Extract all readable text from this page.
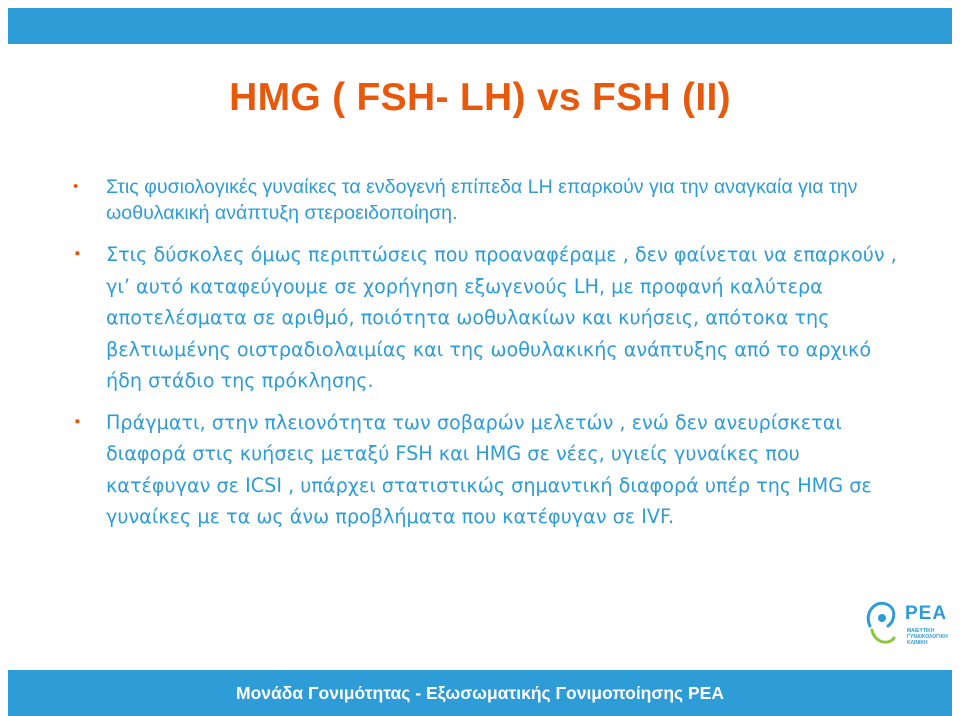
HMG ( FSH- LH) vs FSH (II)
• Στις φυσιολογικές γυναίκες τα ενδογενή επίπεδα LH επαρκούν για την αναγκαία για την ωοθυλακική ανάπτυξη στεροειδοποίηση.
• Στις δύσκολες όμως περιπτώσεις που προαναφέραμε , δεν φαίνεται να επαρκούν , γι’ αυτό καταφεύγουμε σε χορήγηση εξωγενούς LH, με προφανή καλύτερα αποτελέσματα σε αριθμό, ποιότητα ωοθυλακίων και κυήσεις, απότοκα της βελτιωμένης οιστραδιολαιμίας και της ωοθυλακικής ανάπτυξης από το αρχικό ήδη στάδιο της πρόκλησης.
• Πράγματι, στην πλειονότητα των σοβαρών μελετών , ενώ δεν ανευρίσκεται διαφορά στις κυήσεις μεταξύ FSH και HMG σε νέες, υγιείς γυναίκες που κατέφυγαν σε ICSI , υπάρχει στατιστικώς σημαντική διαφορά υπέρ της HMG σε γυναίκες με τα ως άνω προβλήματα που κατέφυγαν σε IVF.
ΡΕΑ
ΜΑΙΕΥΤΙΚΗ ΓΥΝΑΙΚΟΛΟΓΙΚΗ ΚΛΙΝΙΚΗ
Μονάδα Γονιμότητας - Εξωσωματικής Γονιμοποίησης ΡΕΑ
